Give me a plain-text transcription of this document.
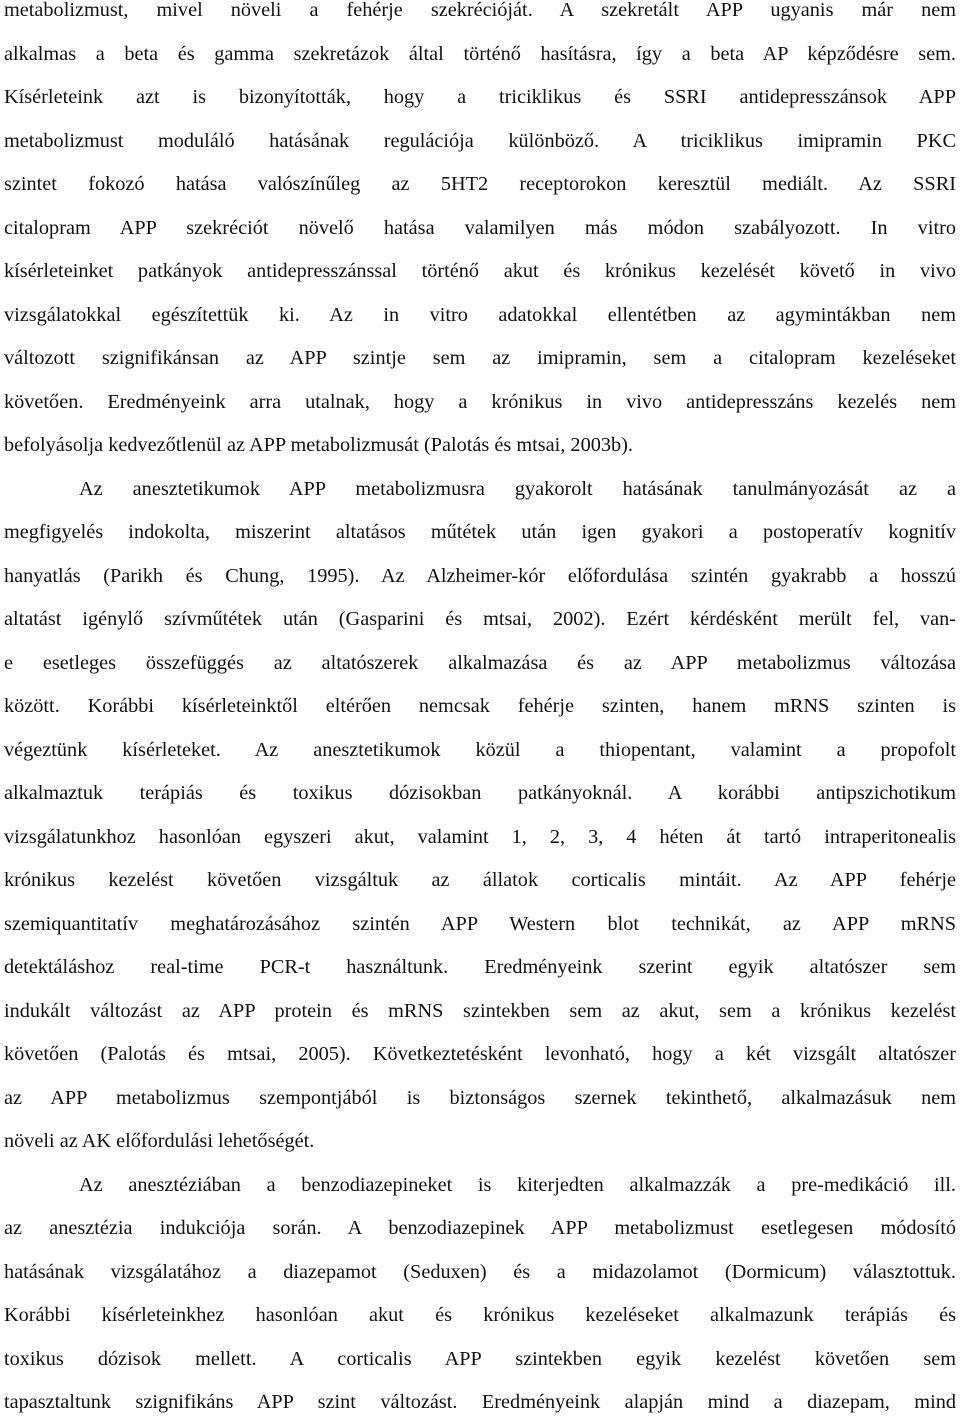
metabolizmust, mivel növeli a fehérje szekrécióját. A szekretált APP ugyanis már nem
alkalmas a beta és gamma szekretázok által történő hasításra, így a beta AP képződésre sem.
Kísérleteink azt is bizonyították, hogy a triciklikus és SSRI antidepresszánsok APP
metabolizmust moduláló hatásának regulációja különböző. A triciklikus imipramin PKC
szintet fokozó hatása valószínűleg az 5HT2 receptorokon keresztül mediált. Az SSRI
citalopram APP szekréciót növelő hatása valamilyen más módon szabályozott. In vitro
kísérleteinket patkányok antidepresszánssal történő akut és krónikus kezelését követő in vivo
vizsgálatokkal egészítettük ki. Az in vitro adatokkal ellentétben az agymintákban nem
változott szignifikánsan az APP szintje sem az imipramin, sem a citalopram kezeléseket
követően. Eredményeink arra utalnak, hogy a krónikus in vivo antidepresszáns kezelés nem
befolyásolja kedvezőtlenül az APP metabolizmusát (Palotás és mtsai, 2003b).
Az anesztetikumok APP metabolizmusra gyakorolt hatásának tanulmányozását az a
megfigyelés indokolta, miszerint altatásos műtétek után igen gyakori a postoperatív kognitív
hanyatlás (Parikh és Chung, 1995). Az Alzheimer-kór előfordulása szintén gyakrabb a hosszú
altatást igénylő szívműtétek után (Gasparini és mtsai, 2002). Ezért kérdésként merült fel, van-
e esetleges összefüggés az altatószerek alkalmazása és az APP metabolizmus változása
között. Korábbi kísérleteinktől eltérően nemcsak fehérje szinten, hanem mRNS szinten is
végeztünk kísérleteket. Az anesztetikumok közül a thiopentant, valamint a propofolt
alkalmaztuk terápiás és toxikus dózisokban patkányoknál. A korábbi antipszichotikum
vizsgálatunkhoz hasonlóan egyszeri akut, valamint 1, 2, 3, 4 héten át tartó intraperitonealis
krónikus kezelést követően vizsgáltuk az állatok corticalis mintáit. Az APP fehérje
szemiquantitatív meghatározásához szintén APP Western blot technikát, az APP mRNS
detektáláshoz real-time PCR-t használtunk. Eredményeink szerint egyik altatószer sem
indukált változást az APP protein és mRNS szintekben sem az akut, sem a krónikus kezelést
követően (Palotás és mtsai, 2005). Következtetésként levonható, hogy a két vizsgált altatószer
az APP metabolizmus szempontjából is biztonságos szernek tekinthető, alkalmazásuk nem
növeli az AK előfordulási lehetőségét.
Az anesztéziában a benzodiazepineket is kiterjedten alkalmazzák a pre-medikáció ill.
az anesztézia indukciója során. A benzodiazepinek APP metabolizmust esetlegesen módosító
hatásának vizsgálatához a diazepamot (Seduxen) és a midazolamot (Dormicum) választottuk.
Korábbi kísérleteinkhez hasonlóan akut és krónikus kezeléseket alkalmazunk terápiás és
toxikus dózisok mellett. A corticalis APP szintekben egyik kezelést követően sem
tapasztaltunk szignifikáns APP szint változást. Eredményeink alapján mind a diazepam, mind
